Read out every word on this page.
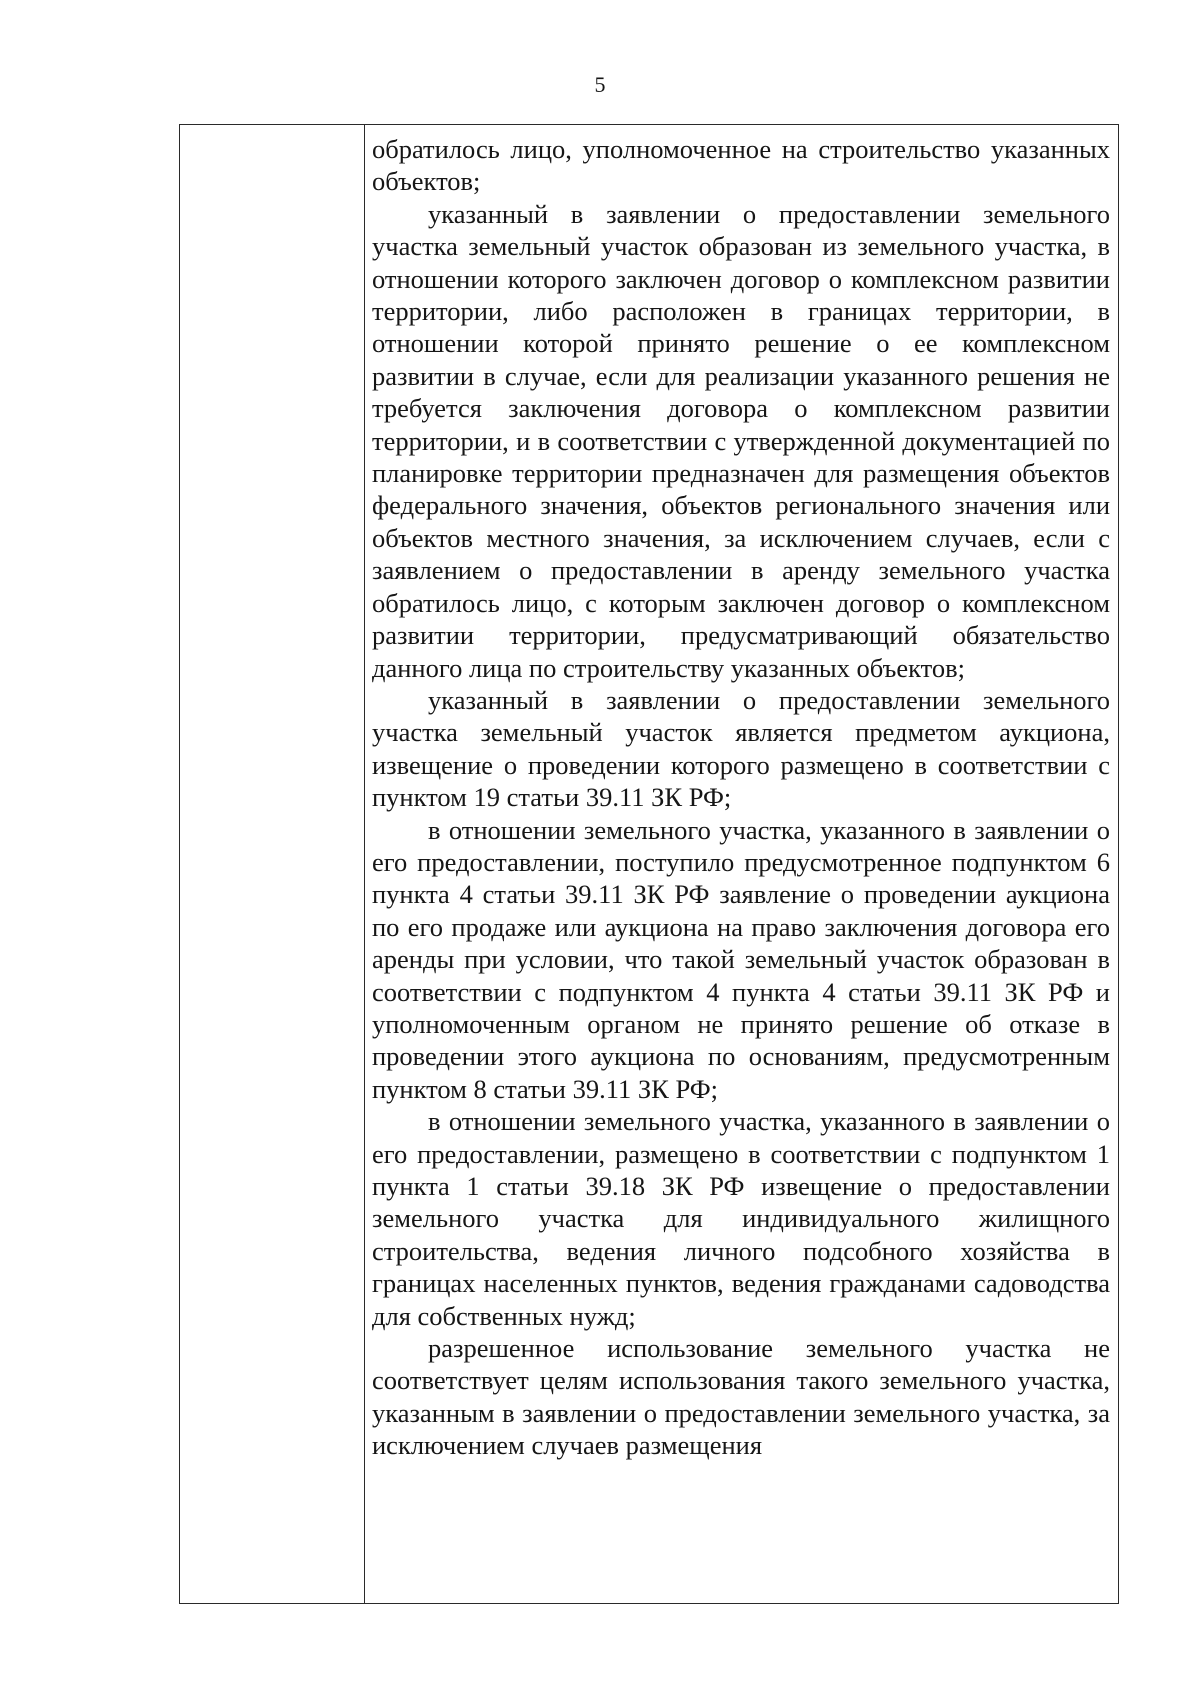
5

обратилось лицо, уполномоченное на строительство указанных объектов;

указанный в заявлении о предоставлении земельного участка земельный участок образован из земельного участка, в отношении которого заключен договор о комплексном развитии территории, либо расположен в границах территории, в отношении которой принято решение о ее комплексном развитии в случае, если для реализации указанного решения не требуется заключения договора о комплексном развитии территории, и в соответствии с утвержденной документацией по планировке территории предназначен для размещения объектов федерального значения, объектов регионального значения или объектов местного значения, за исключением случаев, если с заявлением о предоставлении в аренду земельного участка обратилось лицо, с которым заключен договор о комплексном развитии территории, предусматривающий обязательство данного лица по строительству указанных объектов;

указанный в заявлении о предоставлении земельного участка земельный участок является предметом аукциона, извещение о проведении которого размещено в соответствии с пунктом 19 статьи 39.11 ЗК РФ;

в отношении земельного участка, указанного в заявлении о его предоставлении, поступило предусмотренное подпунктом 6 пункта 4 статьи 39.11 ЗК РФ заявление о проведении аукциона по его продаже или аукциона на право заключения договора его аренды при условии, что такой земельный участок образован в соответствии с подпунктом 4 пункта 4 статьи 39.11 ЗК РФ и уполномоченным органом не принято решение об отказе в проведении этого аукциона по основаниям, предусмотренным пунктом 8 статьи 39.11 ЗК РФ;

в отношении земельного участка, указанного в заявлении о его предоставлении, размещено в соответствии с подпунктом 1 пункта 1 статьи 39.18 ЗК РФ извещение о предоставлении земельного участка для индивидуального жилищного строительства, ведения личного подсобного хозяйства в границах населенных пунктов, ведения гражданами садоводства для собственных нужд;

разрешенное использование земельного участка не соответствует целям использования такого земельного участка, указанным в заявлении о предоставлении земельного участка, за исключением случаев размещения
